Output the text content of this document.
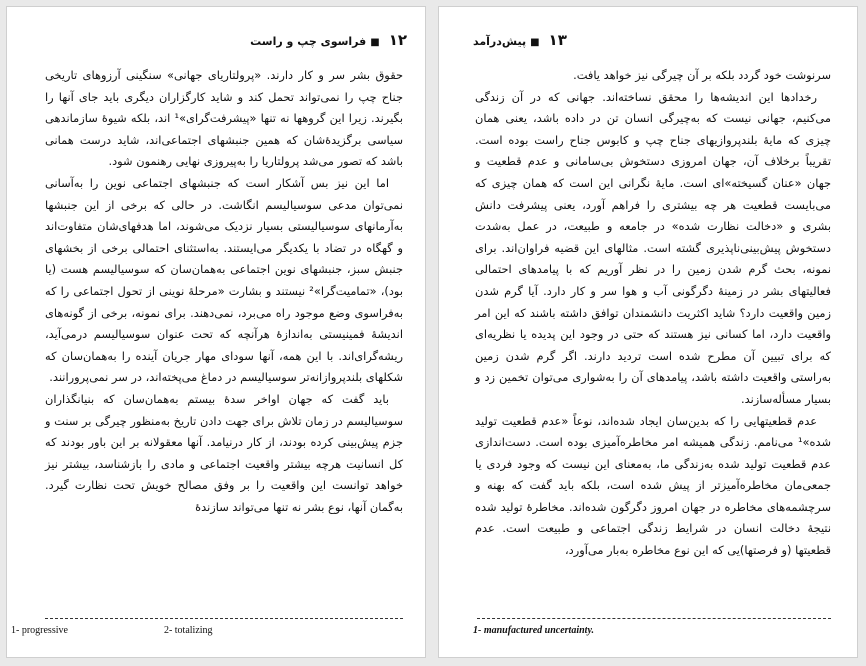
۱۲■فراسوی چپ و راست

حقوق بشر سر و کار دارند. «پرولتاریای جهانی» سنگینی آرزوهای تاریخی جناح چپ را نمی‌تواند تحمل کند و شاید کارگزاران دیگری باید جای آنها را بگیرند. زیرا این گروهها نه تنها «پیشرفت‌گرای»¹ اند، بلکه شیوهٔ سازماندهی سیاسی برگزیدهٔ‌شان که همین جنبشهای اجتماعی‌اند، شاید درست همانی باشد که تصور می‌شد پرولتاریا را به‌پیروزی نهایی رهنمون شود.

اما این نیز بس آشکار است که جنبشهای اجتماعی نوین را به‌آسانی نمی‌توان مدعی سوسیالیسم انگاشت. در حالی که برخی از این جنبشها به‌آرمانهای سوسیالیستی بسیار نزدیک می‌شوند، اما هدفهای‌شان متفاوت‌اند و گهگاه در تضاد با یکدیگر می‌ایستند. به‌استثنای احتمالی برخی از بخشهای جنبش سبز، جنبشهای نوین اجتماعی به‌همان‌سان که سوسیالیسم هست (یا بود)، «تمامیت‌گرا»² نیستند و بشارت «مرحلهٔ نوینی از تحول اجتماعی را که به‌فراسوی وضع موجود راه می‌برد، نمی‌دهند. برای نمونه، برخی از گونه‌های اندیشهٔ فمینیستی به‌اندازهٔ هرآنچه که تحت عنوان سوسیالیسم درمی‌آید، ریشه‌گرای‌اند. با این همه، آنها سودای مهار جریان آینده را به‌همان‌سان که شکلهای بلندپروازانه‌تر سوسیالیسم در دماغ می‌پخته‌اند، در سر نمی‌پرورانند.

باید گفت که جهان اواخر سدهٔ بیستم به‌همان‌سان که بنیانگذاران سوسیالیسم در زمان تلاش برای جهت دادن تاریخ به‌منظور چیرگی بر سنت و جزم پیش‌بینی کرده بودند، از کار درنیامد. آنها معقولانه بر این باور بودند که کل انسانیت هرچه بیشتر واقعیت اجتماعی و مادی را بازشناسد، بیشتر نیز خواهد توانست این واقعیت را بر وفق مصالح خویش تحت نظارت گیرد. به‌گمان آنها، نوع بشر نه تنها می‌تواند سازندهٔ

1- progressive	2- totalizing
۱۳■پیش‌درآمد

سرنوشت خود گردد بلکه بر آن چیرگی نیز خواهد یافت.

رخدادها این اندیشه‌ها را محقق نساخته‌اند. جهانی که در آن زندگی می‌کنیم، جهانی نیست که به‌چیرگی انسان تن در داده باشد، یعنی همان چیزی که مایهٔ بلندپروازیهای جناح چپ و کابوس جناح راست بوده است. تقریباً برخلاف آن، جهان امروزی دستخوش بی‌سامانی و عدم قطعیت و جهان «عنان گسیخته»ای است. مایهٔ نگرانی این است که همان چیزی که می‌بایست قطعیت هر چه بیشتری را فراهم آورد، یعنی پیشرفت دانش بشری و «دخالت نظارت شده» در جامعه و طبیعت، در عمل به‌شدت دستخوش پیش‌بینی‌ناپذیری گشته است. مثالهای این قضیه فراوان‌اند. برای نمونه، بحث گرم شدن زمین را در نظر آوریم که با پیامدهای احتمالی فعالیتهای بشر در زمینهٔ دگرگونی آب و هوا سر و کار دارد. آیا گرم شدن زمین واقعیت دارد؟ شاید اکثریت دانشمندان توافق داشته باشند که این امر واقعیت دارد، اما کسانی نیز هستند که حتی در وجود این پدیده یا نظریه‌ای که برای تبیین آن مطرح شده است تردید دارند. اگر گرم شدن زمین به‌راستی واقعیت داشته باشد، پیامدهای آن را به‌شواری می‌توان تخمین زد و بسیار مسأله‌سازند.

عدم قطعیتهایی را که بدین‌سان ایجاد شده‌اند، نوعاً «عدم قطعیت تولید شده»¹ می‌نامم. زندگی همیشه امر مخاطره‌آمیزی بوده است. دست‌اندازی عدم قطعیت تولید شده به‌زندگی ما، به‌معنای این نیست که وجود فردی یا جمعی‌مان مخاطره‌آمیزتر از پیش شده است، بلکه باید گفت که بهنه و سرچشمه‌های مخاطره در جهان امروز دگرگون شده‌اند. مخاطرهٔ تولید شده نتیجهٔ دخالت انسان در شرایط زندگی اجتماعی و طبیعت است. عدم قطعیتها (و فرصتها)یی که این نوع مخاطره به‌بار می‌آورد،

1- manufactured uncertainty.
